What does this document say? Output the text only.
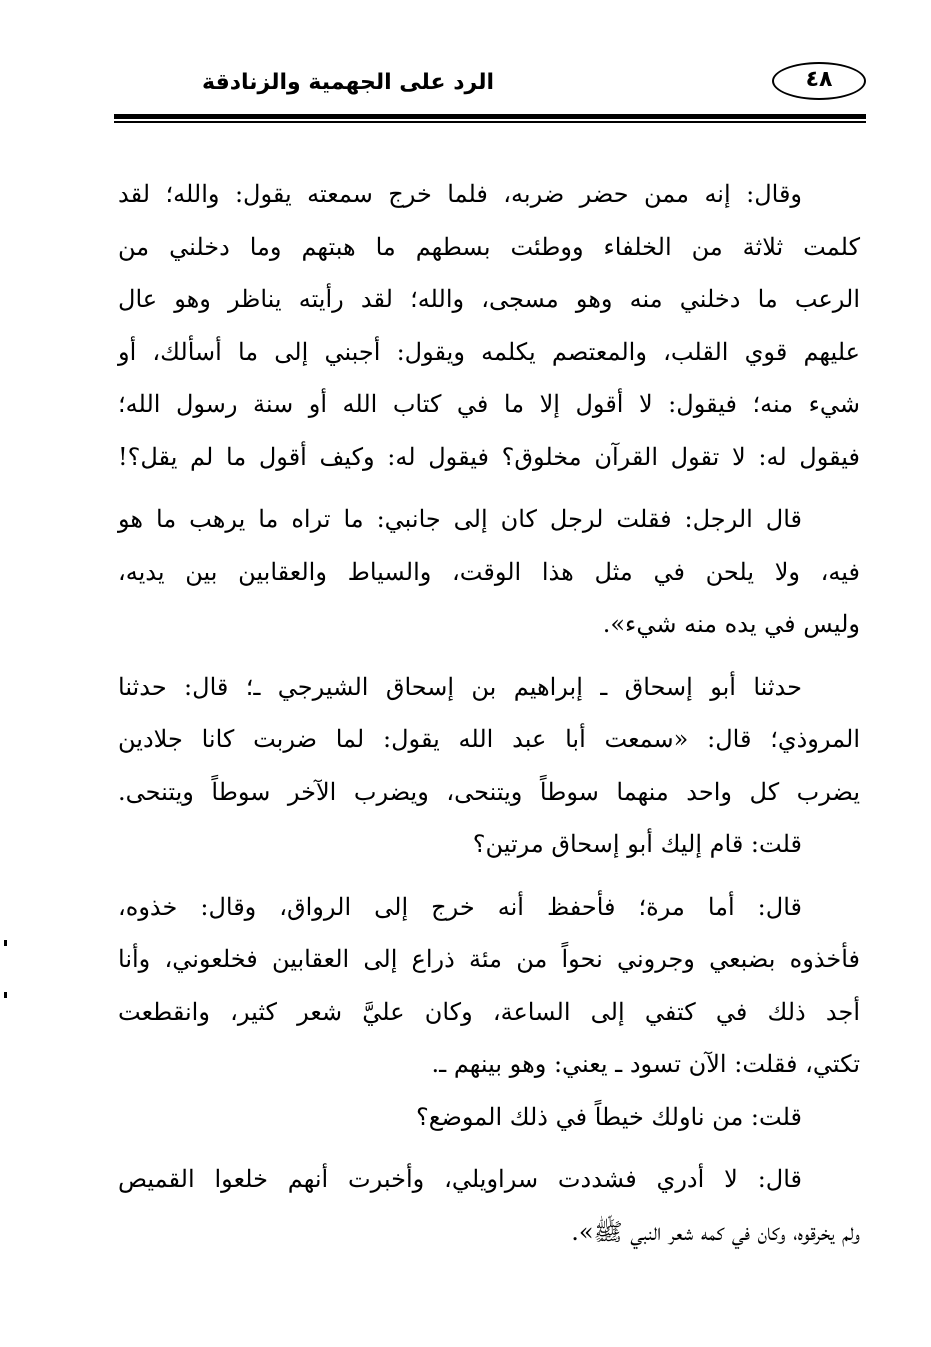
الرد على الجهمية والزنادقة	٤٨
وقال: إنه ممن حضر ضربه، فلما خرج سمعته يقول: والله؛ لقد
كلمت ثلاثة من الخلفاء ووطئت بسطهم ما هبتهم وما دخلني من
الرعب ما دخلني منه وهو مسجى، والله؛ لقد رأيته يناظر وهو عال
عليهم قوي القلب، والمعتصم يكلمه ويقول: أجبني إلى ما أسألك، أو
شيء منه؛ فيقول: لا أقول إلا ما في كتاب الله أو سنة رسول الله؛
فيقول له: لا تقول القرآن مخلوق؟ فيقول له: وكيف أقول ما لم يقل؟!
قال الرجل: فقلت لرجل كان إلى جانبي: ما تراه ما يرهب ما هو
فيه، ولا يلحن في مثل هذا الوقت، والسياط والعقابين بين يديه،
وليس في يده منه شيء».
حدثنا أبو إسحاق ـ إبراهيم بن إسحاق الشيرجي ـ؛ قال: حدثنا
المروذي؛ قال: «سمعت أبا عبد الله يقول: لما ضربت كانا جلادين
يضرب كل واحد منهما سوطاً ويتنحى، ويضرب الآخر سوطاً ويتنحى.
قلت: قام إليك أبو إسحاق مرتين؟
قال: أما مرة؛ فأحفظ أنه خرج إلى الرواق، وقال: خذوه،
فأخذوه بضبعي وجروني نحواً من مئة ذراع إلى العقابين فخلعوني، وأنا
أجد ذلك في كتفي إلى الساعة، وكان عليَّ شعر كثير، وانقطعت
تكتي، فقلت: الآن تسود ـ يعني: وهو بينهم ـ.
قلت: من ناولك خيطاً في ذلك الموضع؟
قال: لا أدري فشددت سراويلي، وأخبرت أنهم خلعوا القميص
ولم يخرقوه، وكان في كمه شعر النبي ﷺ».
